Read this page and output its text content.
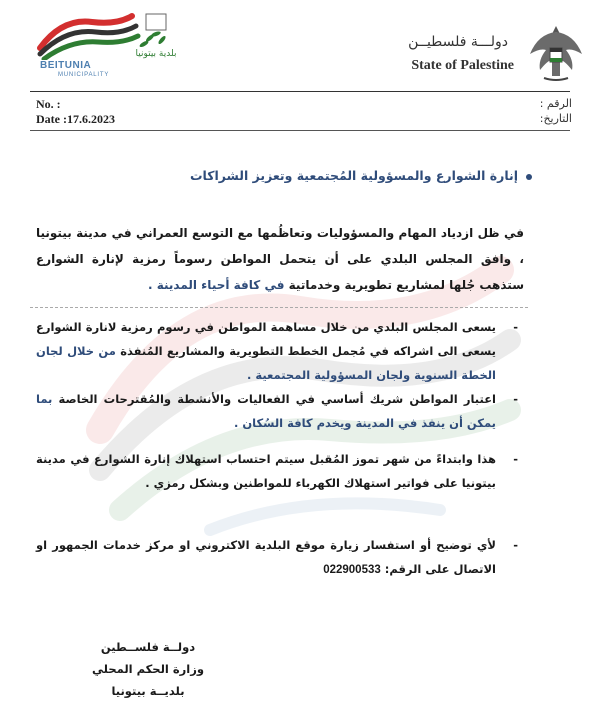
بلدية بيتونيا
BEITUNIA
MUNICIPALITY
دولـــة فلسطيــن
State of Palestine
No. :
Date :17.6.2023
الرقم :
التاريخ:
إنارة الشوارع والمسؤولية المُجتمعية وتعزيز الشراكات
في ظل ازدياد المهام والمسؤوليات وتعاظُمها مع التوسع العمراني في مدينة بيتونيا ، وافق المجلس البلدي على أن يتحمل المواطن رسوماً رمزية لإنارة الشوارع ستذهب جُلها لمشاريع تطويرية وخدماتية في كافة أحياء المدينة .
-
يسعى المجلس البلدي من خلال مساهمة المواطن في رسوم رمزية لانارة الشوارع يسعى الى اشراكه في مُجمل الخطط التطويرية والمشاريع المُنفذة من خلال لجان الخطة السنوية ولجان المسؤولية المجتمعية .
-
اعتبار المواطن شريك أساسي في الفعاليات والأنشطة والمُقترحات الخاصة بما يمكن أن ينفذ في المدينة ويخدم كافة السُكان .
-
هذا وابتداءً من شهر تموز المُقبل سيتم احتساب استهلاك إنارة الشوارع في مدينة بيتونيا على فواتير استهلاك الكهرباء للمواطنين وبشكل رمزي .
-
لأي توضيح أو استفسار زيارة موقع البلدية الاكتروني او مركز خدمات الجمهور او الاتصال على الرقم: 022900533
دولــة فلســطين
وزارة الحكم المحلي
بلديــة بيتونيا
